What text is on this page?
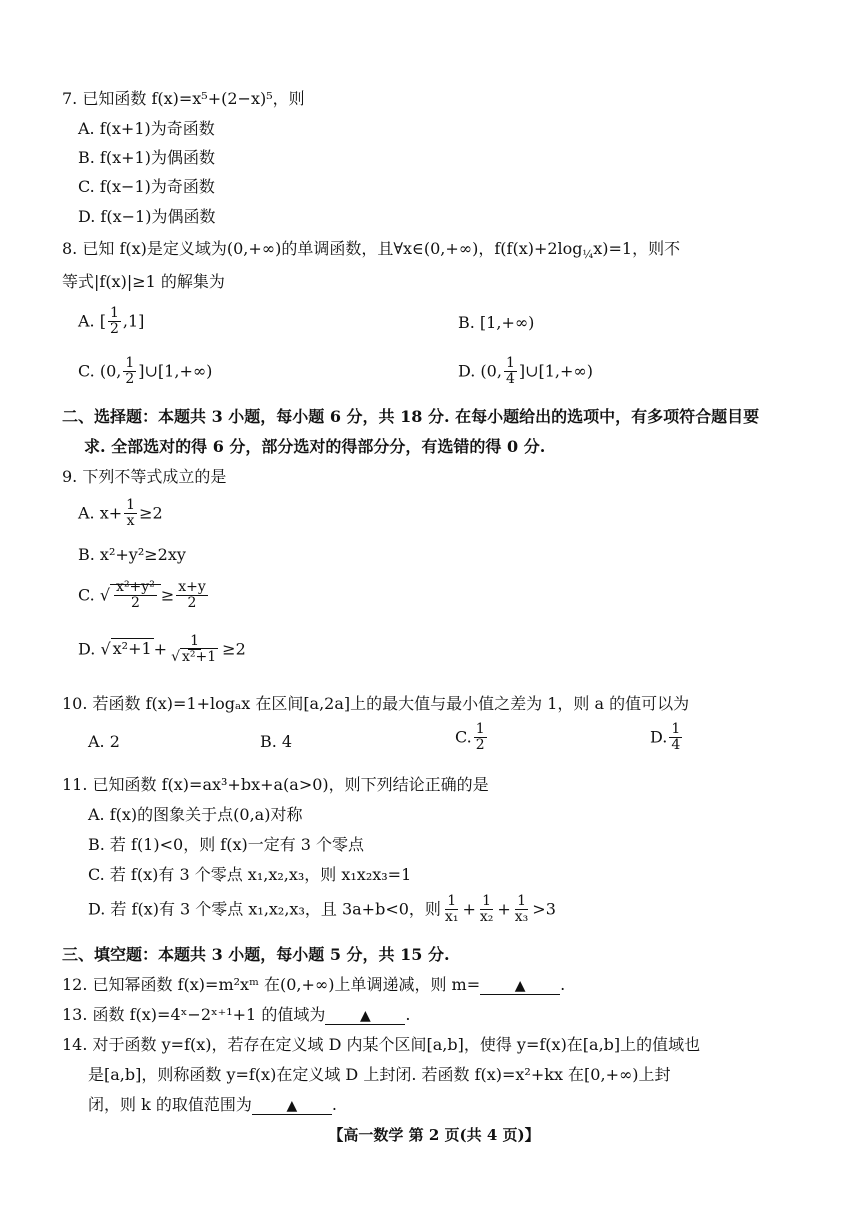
7. 已知函数 f(x)=x⁵+(2−x)⁵，则
A. f(x+1)为奇函数
B. f(x+1)为偶函数
C. f(x−1)为奇函数
D. f(x−1)为偶函数
8. 已知 f(x)是定义域为(0,+∞)的单调函数，且∀x∈(0,+∞)，$f(f(x)+2\log_{\frac{1}{4}}x)=1$，则不
等式|f(x)|≥1 的解集为
A. [ $\frac{1}{2} ,1$]	B. [1,+∞)
C. (0, $\frac{1}{2}$ ]∪[1,+∞)	D. (0, $\frac{1}{4}$ ]∪[1,+∞)
二、选择题：本题共 3 小题，每小题 6 分，共 18 分. 在每小题给出的选项中，有多项符合题目要
求. 全部选对的得 6 分，部分选对的得部分分，有选错的得 0 分.
9. 下列不等式成立的是
A. $x+ \frac{1}{x} \ge 2$
B. x²+y²≥2xy
C. √ $\frac{\text{x²+y²}}{2} \ge \frac{x+y}{2}$
D. √ $x^2+1 + \frac{1}{\text{√ x²+1}} \ge 2$
10. 若函数 f(x)=1+logₐx 在区间[a,2a]上的最大值与最小值之差为 1，则 a 的值可以为
A. 2	B. 4	C. $\frac{1}{2}$	D. $\frac{1}{4}$
11. 已知函数 f(x)=ax³+bx+a(a>0)，则下列结论正确的是
A. f(x)的图象关于点(0,a)对称
B. 若 f(1)<0，则 f(x)一定有 3 个零点
C. 若 f(x)有 3 个零点 x₁,x₂,x₃，则 x₁x₂x₃=1
D. 若 f(x)有 3 个零点 x₁,x₂,x₃，且 3a+b<0，则 $\frac{1}{\text{x₁}} + \frac{1}{\text{x₂}} + \frac{1}{\text{x₃}} >3$
三、填空题：本题共 3 小题，每小题 5 分，共 15 分.
12. 已知幂函数 f(x)=m²xᵐ 在(0,+∞)上单调递减，则 m= ▲ .
13. 函数 f(x)=4ˣ−2ˣ⁺¹+1 的值域为 ▲ .
14. 对于函数 y=f(x)，若存在定义域 D 内某个区间[a,b]，使得 y=f(x)在[a,b]上的值域也
是[a,b]，则称函数 y=f(x)在定义域 D 上封闭. 若函数 f(x)=x²+kx 在[0,+∞)上封
闭，则 k 的取值范围为 ▲ .
【高一数学 第 2 页(共 4 页)】
